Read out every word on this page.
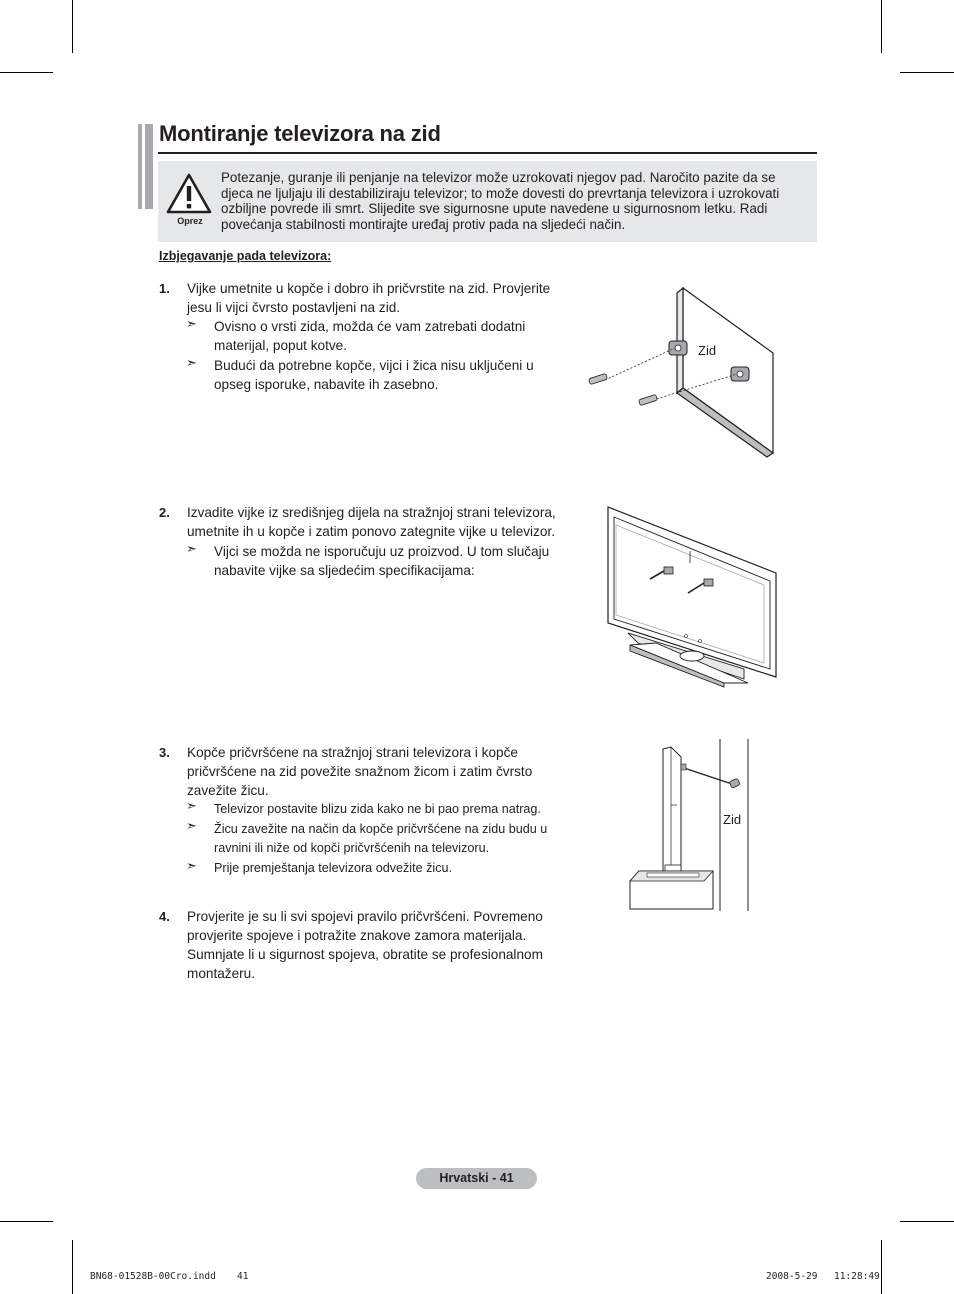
Montiranje televizora na zid
Oprez
Potezanje, guranje ili penjanje na televizor može uzrokovati njegov pad. Naročito pazite da se djeca ne ljuljaju ili destabiliziraju televizor; to može dovesti do prevrtanja televizora i uzrokovati ozbiljne povrede ili smrt. Slijedite sve sigurnosne upute navedene u sigurnosnom letku. Radi povećanja stabilnosti montirajte uređaj protiv pada na sljedeći način.
Izbjegavanje pada televizora:
1. Vijke umetnite u kopče i dobro ih pričvrstite na zid. Provjerite
jesu li vijci čvrsto postavljeni na zid.
➣ Ovisno o vrsti zida, možda će vam zatrebati dodatni
materijal, poput kotve.
➣ Budući da potrebne kopče, vijci i žica nisu uključeni u
opseg isporuke, nabavite ih zasebno.
Zid
2. Izvadite vijke iz središnjeg dijela na stražnjoj strani televizora,
umetnite ih u kopče i zatim ponovo zategnite vijke u televizor.
➣ Vijci se možda ne isporučuju uz proizvod. U tom slučaju
nabavite vijke sa sljedećim specifikacijama:
3. Kopče pričvršćene na stražnjoj strani televizora i kopče
pričvršćene na zid povežite snažnom žicom i zatim čvrsto
zavežite žicu.
➣ Televizor postavite blizu zida kako ne bi pao prema natrag.
➣ Žicu zavežite na način da kopče pričvršćene na zidu budu u
ravnini ili niže od kopči pričvršćenih na televizoru.
➣ Prije premještanja televizora odvežite žicu.
Zid
4. Provjerite je su li svi spojevi pravilo pričvršćeni. Povremeno
provjerite spojeve i potražite znakove zamora materijala.
Sumnjate li u sigurnost spojeva, obratite se profesionalnom
montažeru.
Hrvatski - 41
BN68-01528B-00Cro.indd 41	2008-5-29 11:28:49
